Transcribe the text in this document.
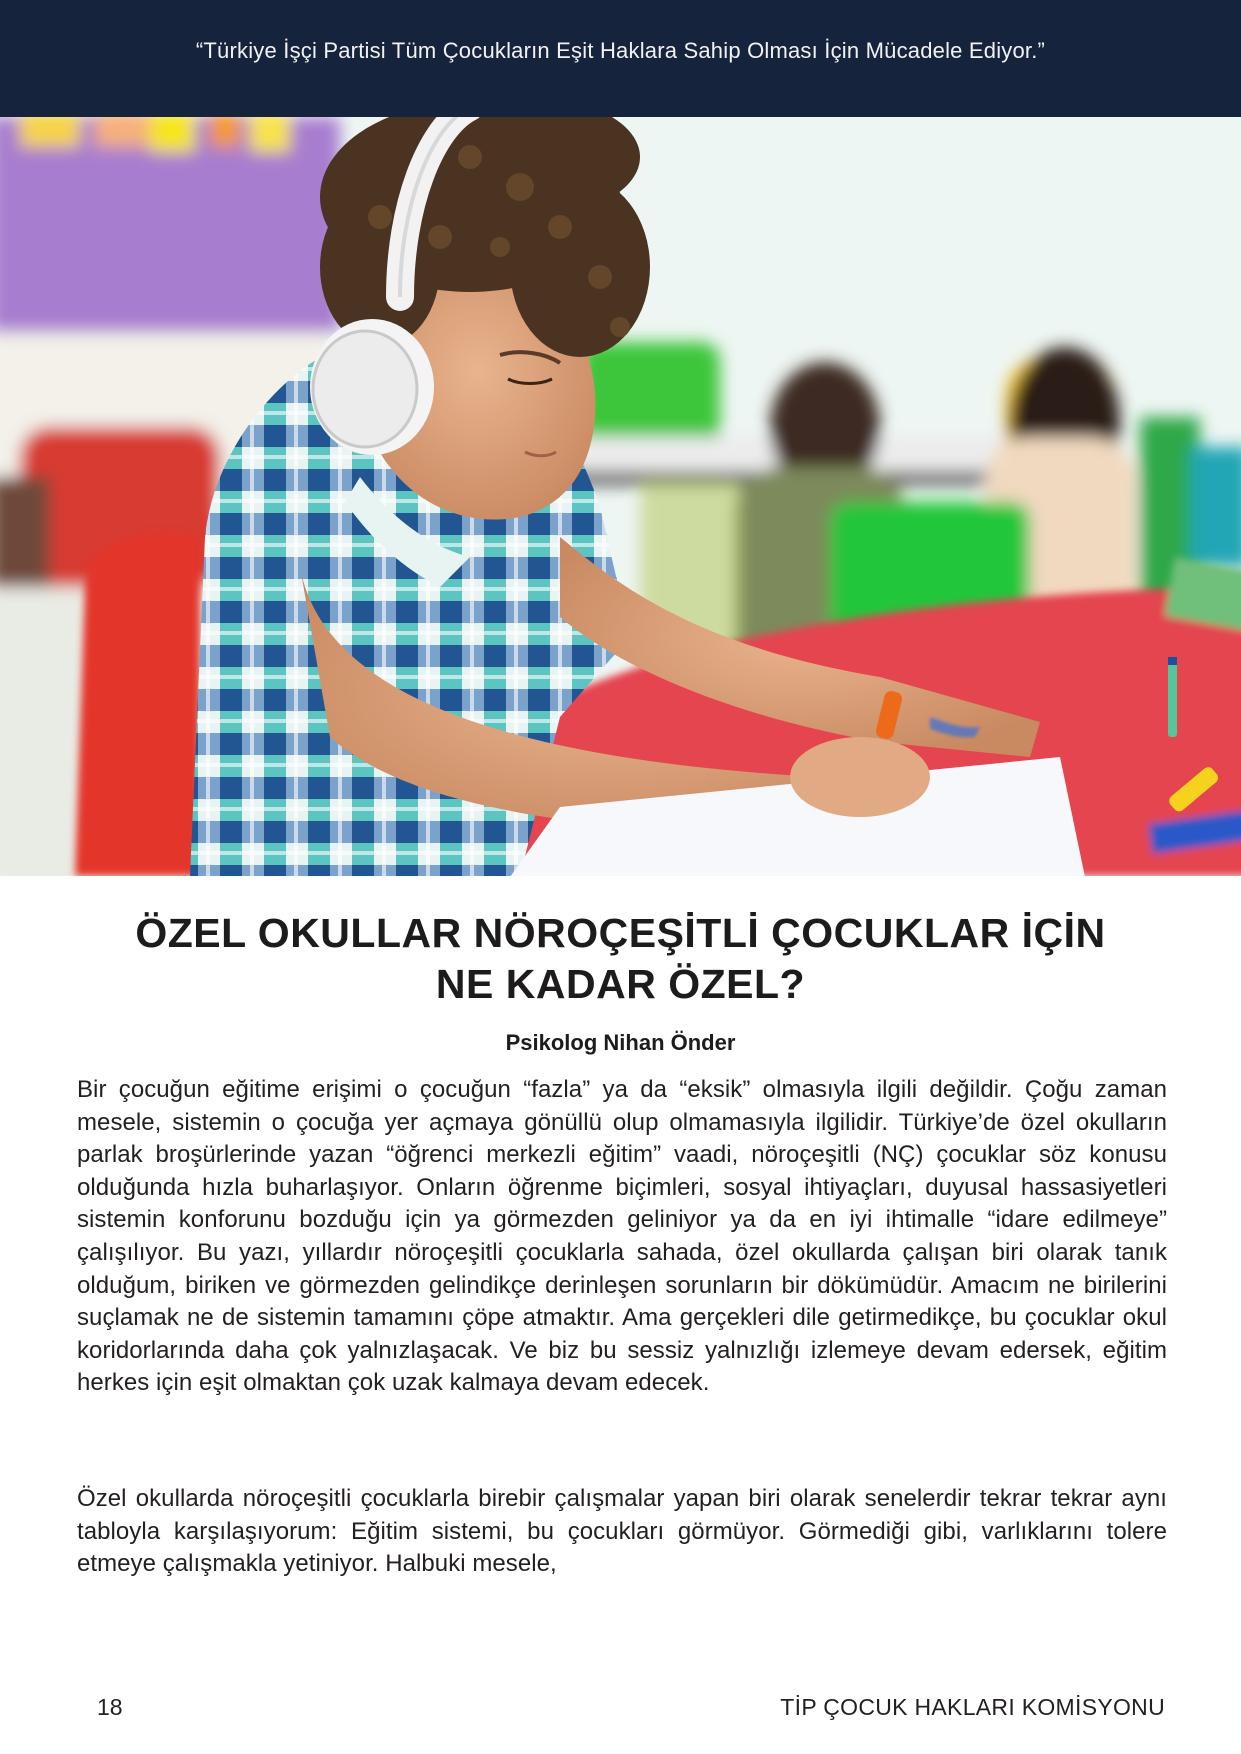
“Türkiye İşçi Partisi Tüm Çocukların Eşit Haklara Sahip Olması İçin Mücadele Ediyor.”
ÖZEL OKULLAR NÖROÇEŞİTLİ ÇOCUKLAR İÇİN
NE KADAR ÖZEL?
Psikolog Nihan Önder

Bir çocuğun eğitime erişimi o çocuğun “fazla” ya da “eksik” olmasıyla ilgili değildir. Çoğu zaman mesele, sistemin o çocuğa yer açmaya gönüllü olup olmamasıyla ilgilidir. Türkiye’de özel okulların parlak broşürlerinde yazan “öğrenci merkezli eğitim” vaadi, nöroçeşitli (NÇ) çocuklar söz konusu olduğunda hızla buharlaşıyor. Onların öğrenme biçimleri, sosyal ihtiyaçları, duyusal hassasiyetleri sistemin konforunu bozduğu için ya görmezden geliniyor ya da en iyi ihtimalle “idare edilmeye” çalışılıyor. Bu yazı, yıllardır nöroçeşitli çocuklarla sahada, özel okullarda çalışan biri olarak tanık olduğum, biriken ve görmezden gelindikçe derinleşen sorunların bir dökümüdür. Amacım ne birilerini suçlamak ne de sistemin tamamını çöpe atmaktır. Ama gerçekleri dile getirmedikçe, bu çocuklar okul koridorlarında daha çok yalnızlaşacak. Ve biz bu sessiz yalnızlığı izlemeye devam edersek, eğitim herkes için eşit olmaktan çok uzak kalmaya devam edecek.

Özel okullarda nöroçeşitli çocuklarla birebir çalışmalar yapan biri olarak senelerdir tekrar tekrar aynı tabloyla karşılaşıyorum: Eğitim sistemi, bu çocukları görmüyor. Görmediği gibi, varlıklarını tolere etmeye çalışmakla yetiniyor. Halbuki mesele,

18	TİP ÇOCUK HAKLARI KOMİSYONU
